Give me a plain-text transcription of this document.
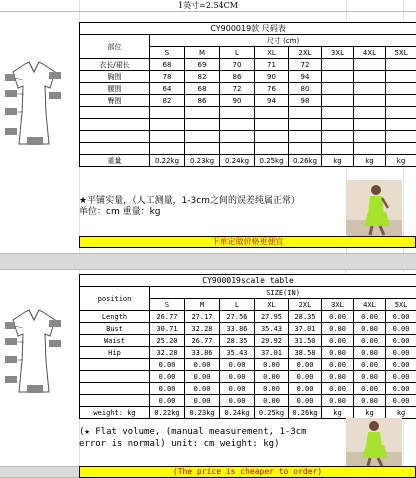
1英寸=2.54CM
CY900019款 尺码表								
部位	尺寸 (cm)							
	S	M	L	XL	2XL	3XL	4XL	5XL
衣长/裙长	68	69	70	71	72			
胸围	78	82	86	90	94			
腰围	64	68	72	76	80			
臀围	82	86	90	94	98			

重量	0.22kg	0.23kg	0.24kg	0.25kg	0.26kg	kg	kg	kg
★平铺实量，（人工测量，1-3cm之间的误差纯属正常）
单位：cm 重量：kg
下单定做价格更便宜
CY900019scale table								
position	SIZE(IN)							
	S	M	L	XL	2XL	3XL	4XL	5XL
Length	26.77	27.17	27.56	27.95	28.35	0.00	0.00	0.00
Bust	30.71	32.28	33.86	35.43	37.01	0.00	0.00	0.00
Waist	25.20	26.77	28.35	29.92	31.50	0.00	0.00	0.00
Hip	32.28	33.86	35.43	37.01	38.58	0.00	0.00	0.00
	0.00	0.00	0.00	0.00	0.00	0.00	0.00	0.00
	0.00	0.00	0.00	0.00	0.00	0.00	0.00	0.00
	0.00	0.00	0.00	0.00	0.00	0.00	0.00	0.00
	0.00	0.00	0.00	0.00	0.00	0.00	0.00	0.00
weight: kg	0.22kg	0.23kg	0.24kg	0.25kg	0.26kg	kg	kg	kg
(★ Flat volume, (manual measurement, 1-3cm
error is normal) unit: cm weight: kg)
(The price is cheaper to order)
